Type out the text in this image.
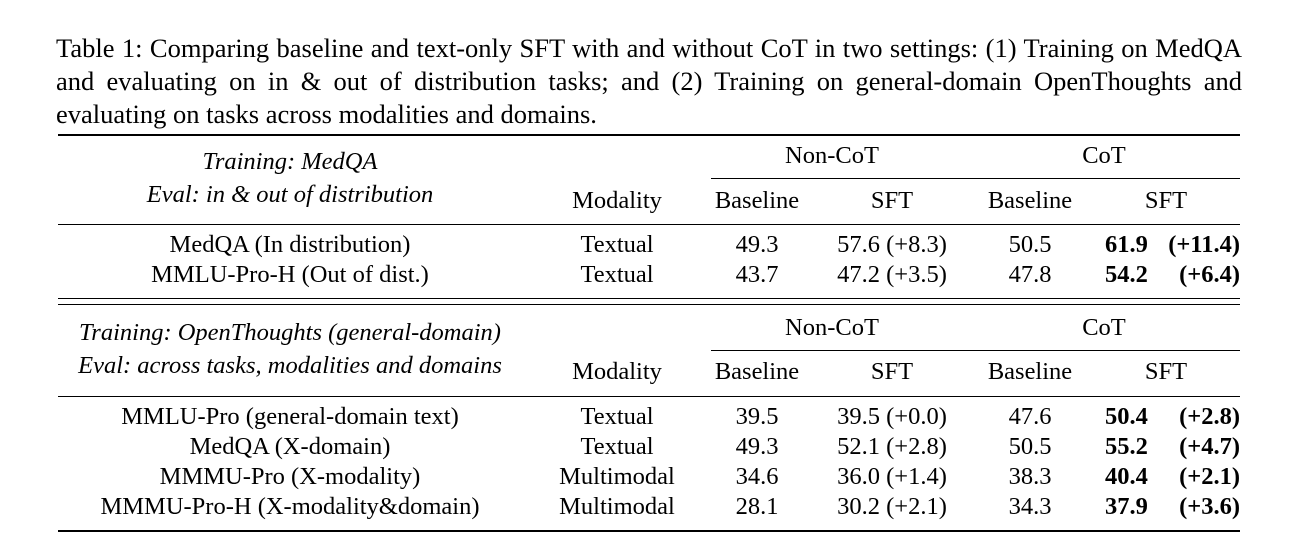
Table 1: Comparing baseline and text-only SFT with and without CoT in two settings: (1) Training on MedQA and evaluating on in & out of distribution tasks; and (2) Training on general-domain OpenThoughts and evaluating on tasks across modalities and domains.
Training: MedQA
Eval: in & out of distribution
Non-CoT	CoT
Modality Baseline	SFT	Baseline	SFT
MedQA (In distribution)	Textual	49.3 57.6 (+8.3)	50.5 61.9 (+11.4)
MMLU-Pro-H (Out of dist.)	Textual	43.7 47.2 (+3.5)	47.8 54.2 (+6.4)
Training: OpenThoughts (general-domain)
Eval: across tasks, modalities and domains
Non-CoT	CoT
Modality Baseline	SFT	Baseline	SFT
MMLU-Pro (general-domain text)	Textual	39.5 39.5 (+0.0)	47.6 50.4 (+2.8)
MedQA (X-domain)	Textual	49.3 52.1 (+2.8)	50.5 55.2 (+4.7)
MMMU-Pro (X-modality)	Multimodal 34.6 36.0 (+1.4)	38.3 40.4 (+2.1)
MMMU-Pro-H (X-modality&domain)	Multimodal 28.1 30.2 (+2.1)	34.3 37.9 (+3.6)
